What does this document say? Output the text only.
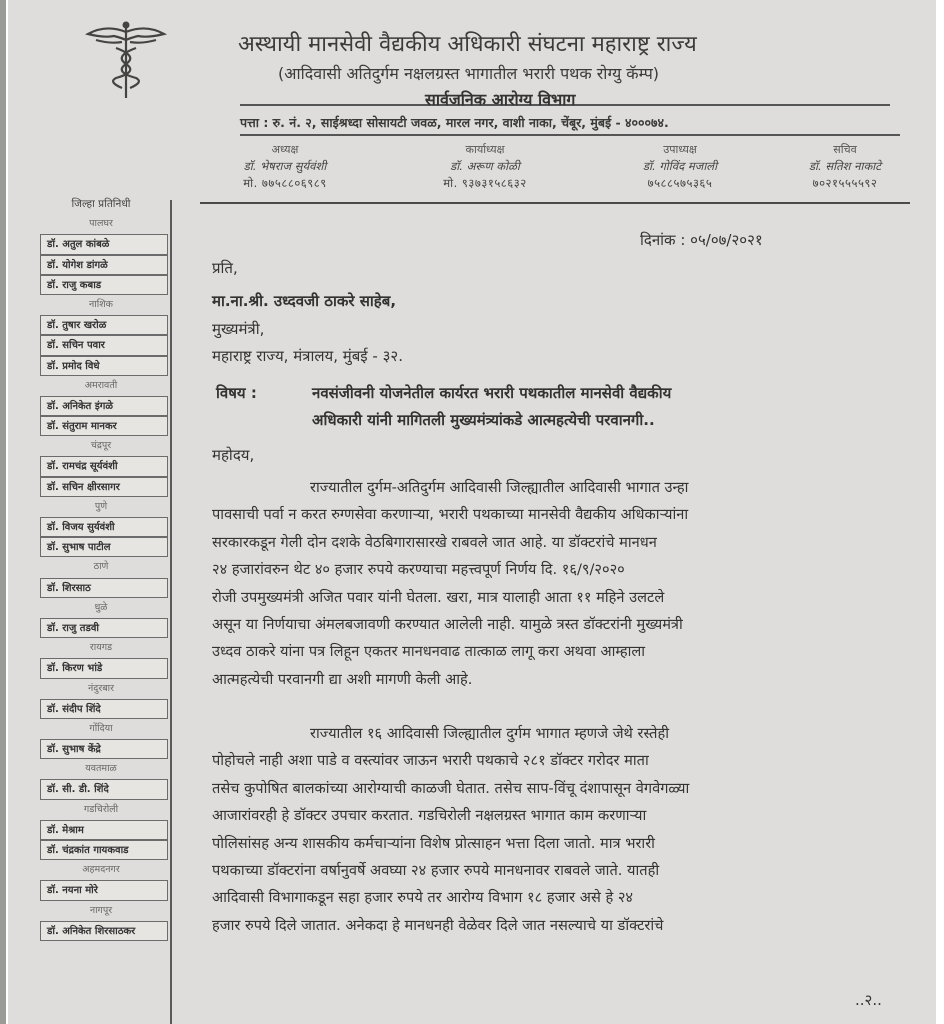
अस्थायी मानसेवी वैद्यकीय अधिकारी संघटना महाराष्ट्र राज्य
(आदिवासी अतिदुर्गम नक्षलग्रस्त भागातील भरारी पथक रोग्यु कॅम्प)
सार्वजनिक आरोग्य विभाग
पत्ता : रु. नं. २, साईश्रध्दा सोसायटी जवळ, मारल नगर, वाशी नाका, चेंबूर, मुंबई - ४०००७४.
अध्यक्ष
डॉ. भेषराज सुर्यवंशी
मो. ७७५८८०६९८९
कार्याध्यक्ष
डॉ. अरूण कोळी
मो. ९३७३१५८६३२
उपाध्यक्ष
डॉ. गोविंद मजाली
७५८८५७५३६५
सचिव
डॉ. सतिश नाकाटे
७०२१५५५५९२
जिल्हा प्रतिनिधी
पालघर
डॉ. अतुल कांबळे
डॉ. योगेश डांगळे
डॉ. राजु कबाड
नाशिक
डॉ. तुषार खरोळ
डॉ. सचिन पवार
डॉ. प्रमोद विधे
अमरावती
डॉ. अनिकेत इंगळे
डॉ. संतुराम मानकर
चंद्रपूर
डॉ. रामचंद्र सूर्यवंशी
डॉ. सचिन क्षीरसागर
पुणे
डॉ. विजय सुर्यवंशी
डॉ. सुभाष पाटील
ठाणे
डॉ. शिरसाठ
धुळे
डॉ. राजु तडवी
रायगड
डॉ. किरण भांडे
नंदुरबार
डॉ. संदीप शिंदे
गोंदिया
डॉ. सुभाष केंद्रे
यवतमाळ
डॉ. सी. डी. शिंदे
गडचिरोली
डॉ. मेश्राम
डॉ. चंद्रकांत गायकवाड
अहमदनगर
डॉ. नयना मोरे
नागपूर
डॉ. अनिकेत शिरसाठकर
दिनांक : ०५/०७/२०२१
प्रति,
मा.ना.श्री. उध्दवजी ठाकरे साहेब,
मुख्यमंत्री,
महाराष्ट्र राज्य, मंत्रालय, मुंबई - ३२.
विषय :	नवसंजीवनी योजनेतील कार्यरत भरारी पथकातील मानसेवी वैद्यकीय
अधिकारी यांनी मागितली मुख्यमंत्र्यांकडे आत्महत्येची परवानगी..
महोदय,
राज्यातील दुर्गम-अतिदुर्गम आदिवासी जिल्ह्यातील आदिवासी भागात उन्हा
पावसाची पर्वा न करत रुग्णसेवा करणाऱ्या, भरारी पथकाच्या मानसेवी वैद्यकीय अधिकाऱ्यांना
सरकारकडून गेली दोन दशके वेठबिगारासारखे राबवले जात आहे. या डॉक्टरांचे मानधन
२४ हजारांवरुन थेट ४० हजार रुपये करण्याचा महत्त्वपूर्ण निर्णय दि. १६/९/२०२०
रोजी उपमुख्यमंत्री अजित पवार यांनी घेतला. खरा, मात्र यालाही आता ११ महिने उलटले
असून या निर्णयाचा अंमलबजावणी करण्यात आलेली नाही. यामुळे त्रस्त डॉक्टरांनी मुख्यमंत्री
उध्दव ठाकरे यांना पत्र लिहून एकतर मानधनवाढ तात्काळ लागू करा अथवा आम्हाला
आत्महत्येची परवानगी द्या अशी मागणी केली आहे.
राज्यातील १६ आदिवासी जिल्ह्यातील दुर्गम भागात म्हणजे जेथे रस्तेही
पोहोचले नाही अशा पाडे व वस्त्यांवर जाऊन भरारी पथकाचे २८१ डॉक्टर गरोदर माता
तसेच कुपोषित बालकांच्या आरोग्याची काळजी घेतात. तसेच साप-विंचू दंशापासून वेगवेगळ्या
आजारांवरही हे डॉक्टर उपचार करतात. गडचिरोली नक्षलग्रस्त भागात काम करणाऱ्या
पोलिसांसह अन्य शासकीय कर्मचाऱ्यांना विशेष प्रोत्साहन भत्ता दिला जातो. मात्र भरारी
पथकाच्या डॉक्टरांना वर्षानुवर्षे अवघ्या २४ हजार रुपये मानधनावर राबवले जाते. यातही
आदिवासी विभागाकडून सहा हजार रुपये तर आरोग्य विभाग १८ हजार असे हे २४
हजार रुपये दिले जातात. अनेकदा हे मानधनही वेळेवर दिले जात नसल्याचे या डॉक्टरांचे
..२..
